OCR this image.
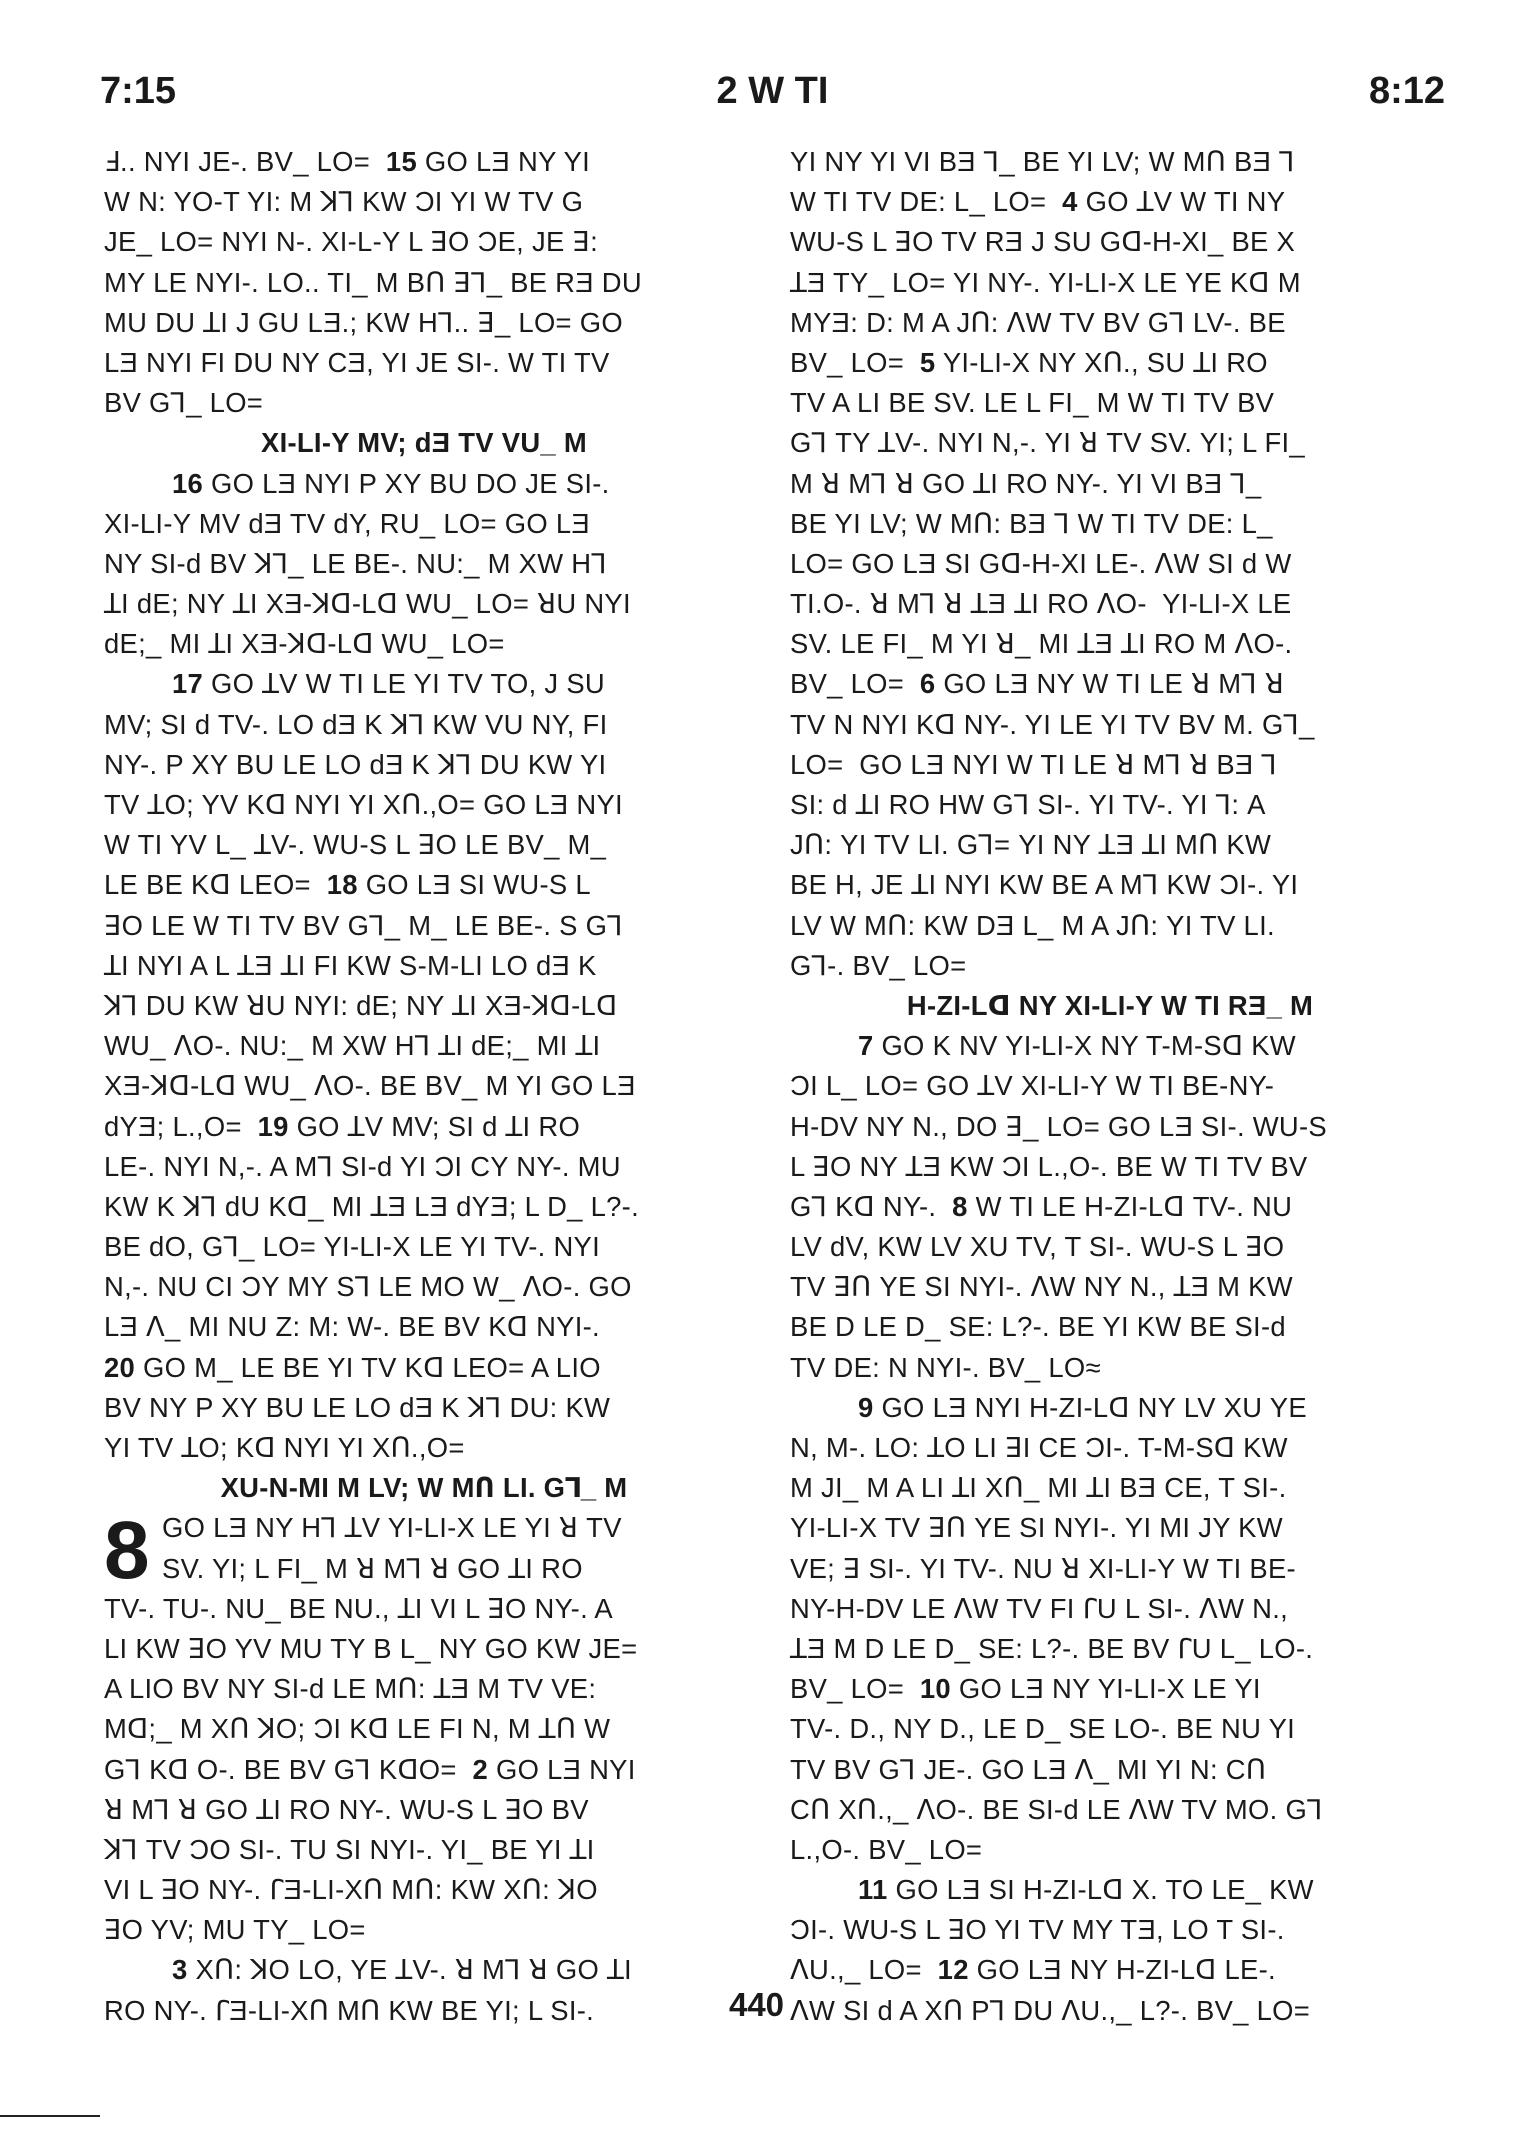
7:15	2 W TI	8:12
Ⅎ.. NYI JE-. BV_ LO= 15 GO LƎ NY YI
W N: YO-T YI: M ꓘꓶ KW ƆI YI W TV G
JE_ LO= NYI N-. XI-L-Y L ꓱO ƆE, JE ꓱ:
MY LE NYI-. LO.. TI_ M BՈ ꓱꓶ_ BE RƎ DU
MU DU ꓕI J GU LƎ.; KW Hꓶ.. ꓱ_ LO= GO
LƎ NYI FI DU NY CƎ, YI JE SI-. W TI TV
BV Gꓶ_ LO=
XI-LI-Y MV; dƎ TV VU_ M
16 GO LƎ NYI P XY BU DO JE SI-.
XI-LI-Y MV dƎ TV dY, RU_ LO= GO LƎ
NY SI-d BV ꓘꓶ_ LE BE-. NU:_ M XW Hꓶ
ꓕI dE; NY ꓕI XƎ-ꓘꓷ-Lꓷ WU_ LO= ꓤU NYI
dE;_ MI ꓕI XƎ-ꓘꓷ-Lꓷ WU_ LO=
17 GO ꓕV W TI LE YI TV TO, J SU
MV; SI d TV-. LO dƎ K ꓘꓶ KW VU NY, FI
NY-. P XY BU LE LO dƎ K ꓘꓶ DU KW YI
TV ꓕO; YV Kꓷ NYI YI XՈ.,O= GO LƎ NYI
W TI YV L_ ꓕV-. WU-S L ꓱO LE BV_ M_
LE BE Kꓷ LEO= 18 GO LƎ SI WU-S L
ꓱO LE W TI TV BV Gꓶ_ M_ LE BE-. S Gꓶ
ꓕI NYI A L ꓕƎ ꓕI FI KW S-M-LI LO dƎ K
ꓘꓶ DU KW ꓤU NYI: dE; NY ꓕI XƎ-ꓘꓷ-Lꓷ
WU_ ꓥO-. NU:_ M XW Hꓶ ꓕI dE;_ MI ꓕI
XƎ-ꓘꓷ-Lꓷ WU_ ꓥO-. BE BV_ M YI GO LƎ
dYƎ; L.,O= 19 GO ꓕV MV; SI d ꓕI RO
LE-. NYI N,-. A Mꓶ SI-d YI ƆI CY NY-. MU
KW K ꓘꓶ dU Kꓷ_ MI ꓕƎ LƎ dYƎ; L D_ L?-.
BE dO, Gꓶ_ LO= YI-LI-X LE YI TV-. NYI
N,-. NU CI ƆY MY Sꓶ LE MO W_ ꓥO-. GO
LƎ ꓥ_ MI NU Z: M: W-. BE BV Kꓷ NYI-.
20 GO M_ LE BE YI TV Kꓷ LEO= A LIO
BV NY P XY BU LE LO dƎ K ꓘꓶ DU: KW
YI TV ꓕO; Kꓷ NYI YI XՈ.,O=
XU-N-MI M LV; W MՈ LI. Gꓶ_ M
8 GO LƎ NY Hꓶ ꓕV YI-LI-X LE YI ꓤ TV
SV. YI; L FI_ M ꓤ Mꓶ ꓤ GO ꓕI RO
TV-. TU-. NU_ BE NU., ꓕI VI L ꓱO NY-. A
LI KW ꓱO YV MU TY B L_ NY GO KW JE=
A LIO BV NY SI-d LE MՈ: ꓕƎ M TV VE:
Mꓷ;_ M XՈ ꓘO; ƆI Kꓷ LE FI N, M ꓕՈ W
Gꓶ Kꓷ O-. BE BV Gꓶ KꓷO= 2 GO LƎ NYI
ꓤ Mꓶ ꓤ GO ꓕI RO NY-. WU-S L ꓱO BV
ꓘꓶ TV ƆO SI-. TU SI NYI-. YI_ BE YI ꓕI
VI L ꓱO NY-. ꓩƎ-LI-XՈ MՈ: KW XՈ: ꓘO
ꓱO YV; MU TY_ LO=
3 XՈ: ꓘO LO, YE ꓕV-. ꓤ Mꓶ ꓤ GO ꓕI
RO NY-. ꓩƎ-LI-XՈ MՈ KW BE YI; L SI-.
YI NY YI VI BƎ ꓶ_ BE YI LV; W MՈ BƎ ꓶ
W TI TV DE: L_ LO= 4 GO ꓕV W TI NY
WU-S L ꓱO TV RƎ J SU Gꓷ-H-XI_ BE X
ꓕƎ TY_ LO= YI NY-. YI-LI-X LE YE Kꓷ M
MYƎ: D: M A JՈ: ꓥW TV BV Gꓶ LV-. BE
BV_ LO= 5 YI-LI-X NY XՈ., SU ꓕI RO
TV A LI BE SV. LE L FI_ M W TI TV BV
Gꓶ TY ꓕV-. NYI N,-. YI ꓤ TV SV. YI; L FI_
M ꓤ Mꓶ ꓤ GO ꓕI RO NY-. YI VI BƎ ꓶ_
BE YI LV; W MՈ: BƎ ꓶ W TI TV DE: L_
LO= GO LƎ SI Gꓷ-H-XI LE-. ꓥW SI d W
TI.O-. ꓤ Mꓶ ꓤ ꓕƎ ꓕI RO ꓥO-  YI-LI-X LE
SV. LE FI_ M YI ꓤ_ MI ꓕƎ ꓕI RO M ꓥO-.
BV_ LO= 6 GO LƎ NY W TI LE ꓤ Mꓶ ꓤ
TV N NYI Kꓷ NY-. YI LE YI TV BV M. Gꓶ_
LO=  GO LƎ NYI W TI LE ꓤ Mꓶ ꓤ BƎ ꓶ
SI: d ꓕI RO HW Gꓶ SI-. YI TV-. YI ꓶ: A
JՈ: YI TV LI. Gꓶ= YI NY ꓕƎ ꓕI MՈ KW
BE H, JE ꓕI NYI KW BE A Mꓶ KW ƆI-. YI
LV W MՈ: KW DƎ L_ M A JՈ: YI TV LI.
Gꓶ-. BV_ LO=
H-ZI-Lꓷ NY XI-LI-Y W TI RƎ_ M
7 GO K NV YI-LI-X NY T-M-Sꓷ KW
ƆI L_ LO= GO ꓕV XI-LI-Y W TI BE-NY-
H-DV NY N., DO ꓱ_ LO= GO LƎ SI-. WU-S
L ꓱO NY ꓕƎ KW ƆI L.,O-. BE W TI TV BV
Gꓶ Kꓷ NY-. 8 W TI LE H-ZI-Lꓷ TV-. NU
LV dV, KW LV XU TV, T SI-. WU-S L ꓱO
TV ꓱՈ YE SI NYI-. ꓥW NY N., ꓕƎ M KW
BE D LE D_ SE: L?-. BE YI KW BE SI-d
TV DE: N NYI-. BV_ LO≈
9 GO LƎ NYI H-ZI-Lꓷ NY LV XU YE
N, M-. LO: ꓕO LI ꓱI CE ƆI-. T-M-Sꓷ KW
M JI_ M A LI ꓕI XՈ_ MI ꓕI BƎ CE, T SI-.
YI-LI-X TV ꓱՈ YE SI NYI-. YI MI JY KW
VE; ꓱ SI-. YI TV-. NU ꓤ XI-LI-Y W TI BE-
NY-H-DV LE ꓥW TV FI ꓩU L SI-. ꓥW N.,
ꓕƎ M D LE D_ SE: L?-. BE BV ꓩU L_ LO-.
BV_ LO= 10 GO LƎ NY YI-LI-X LE YI
TV-. D., NY D., LE D_ SE LO-. BE NU YI
TV BV Gꓶ JE-. GO LƎ ꓥ_ MI YI N: CՈ
CՈ XՈ.,_ ꓥO-. BE SI-d LE ꓥW TV MO. Gꓶ
L.,O-. BV_ LO=
11 GO LƎ SI H-ZI-Lꓷ X. TO LE_ KW
ƆI-. WU-S L ꓱO YI TV MY TƎ, LO T SI-.
ꓥU.,_ LO= 12 GO LƎ NY H-ZI-Lꓷ LE-.
ꓥW SI d A XՈ Pꓶ DU ꓥU.,_ L?-. BV_ LO=
440
